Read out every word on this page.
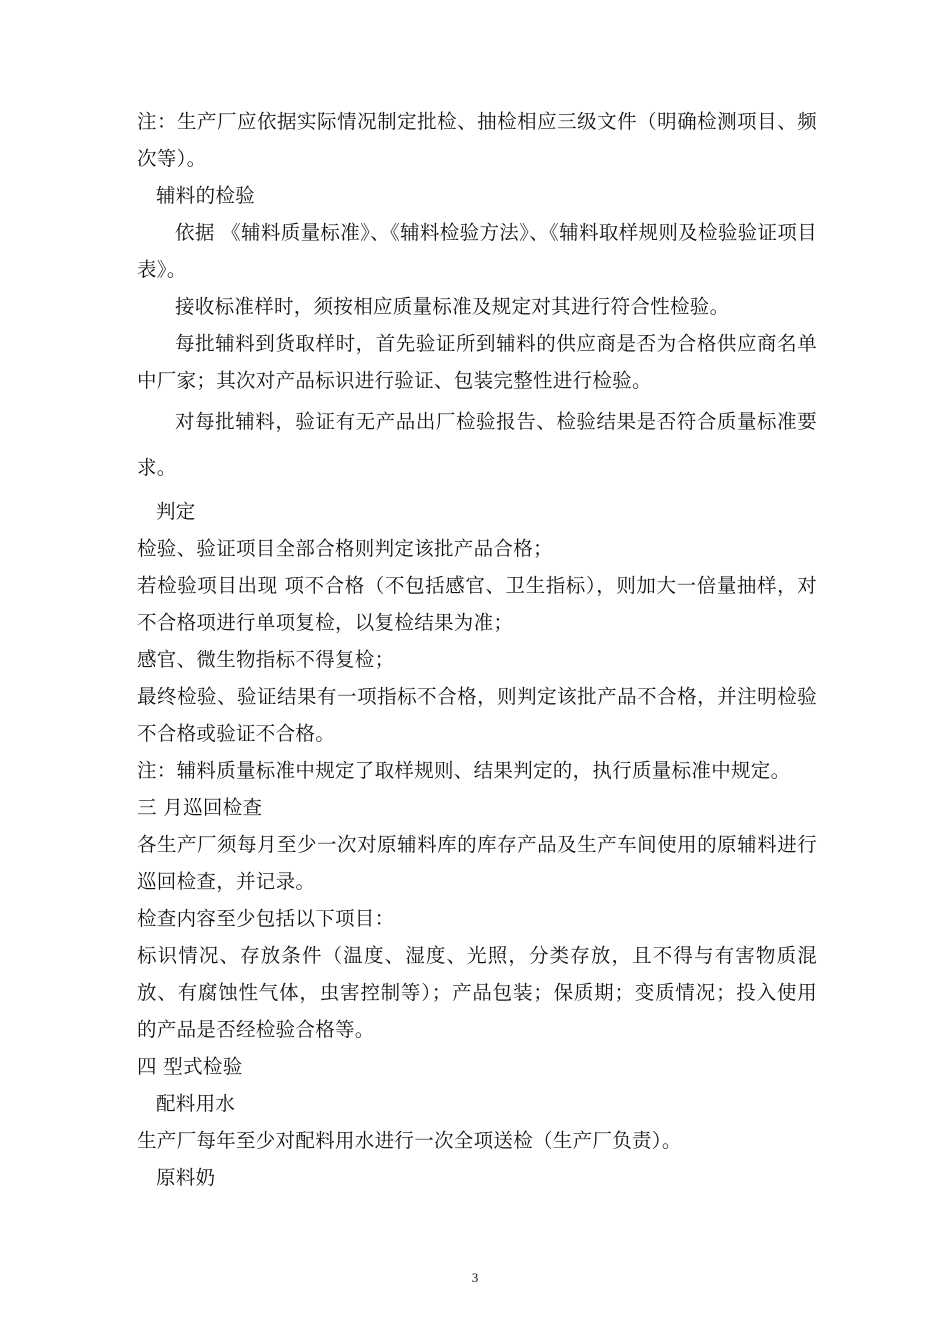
注：生产厂应依据实际情况制定批检、抽检相应三级文件（明确检测项目、频次等）。

辅料的检验

依据 《辅料质量标准》、《辅料检验方法》、《辅料取样规则及检验验证项目表》。

接收标准样时，须按相应质量标准及规定对其进行符合性检验。

每批辅料到货取样时，首先验证所到辅料的供应商是否为合格供应商名单中厂家；其次对产品标识进行验证、包装完整性进行检验。

对每批辅料，验证有无产品出厂检验报告、检验结果是否符合质量标准要求。

判定

检验、验证项目全部合格则判定该批产品合格；

若检验项目出现 项不合格（不包括感官、卫生指标），则加大一倍量抽样，对不合格项进行单项复检，以复检结果为准；

感官、微生物指标不得复检；

最终检验、验证结果有一项指标不合格，则判定该批产品不合格，并注明检验不合格或验证不合格。

注：辅料质量标准中规定了取样规则、结果判定的，执行质量标准中规定。

三 月巡回检查

各生产厂须每月至少一次对原辅料库的库存产品及生产车间使用的原辅料进行巡回检查，并记录。

检查内容至少包括以下项目：

标识情况、存放条件（温度、湿度、光照，分类存放，且不得与有害物质混放、有腐蚀性气体，虫害控制等）；产品包装；保质期；变质情况；投入使用的产品是否经检验合格等。

四 型式检验

配料用水

生产厂每年至少对配料用水进行一次全项送检（生产厂负责）。

原料奶

3
